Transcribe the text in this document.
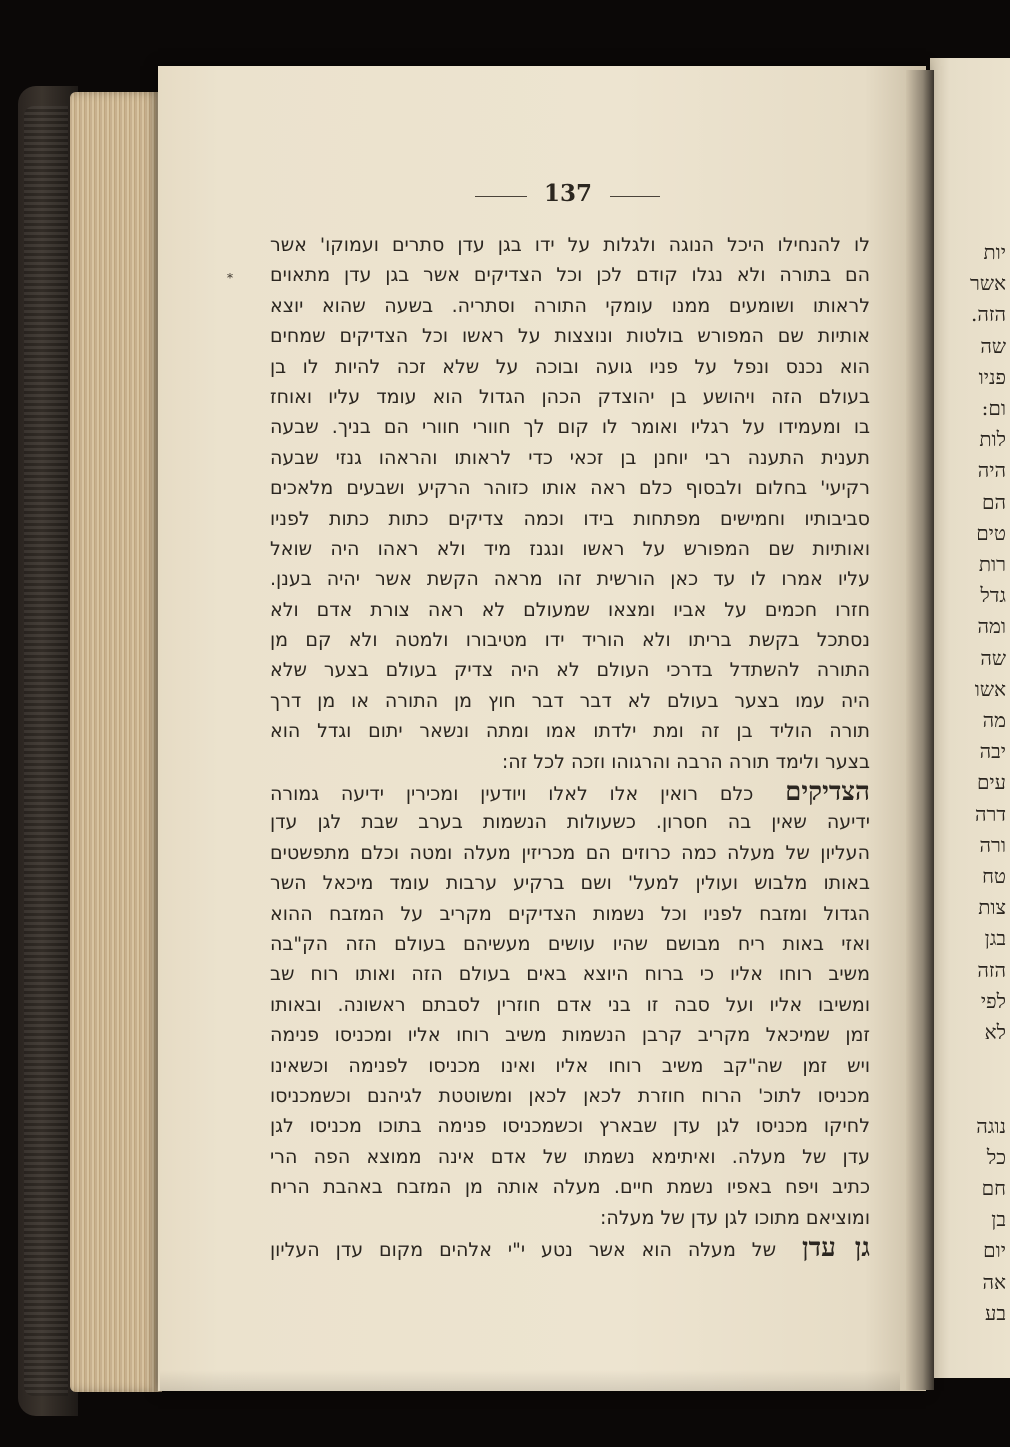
יות
אשר
הזה.
שה
פניו
ום:
לות
היה
הם
טים
רות
גדל
ומה
שה
אשו
מה
יבה
עים
דרה
ורה
טח
צות
בגן
הזה
לפי
לא
נוגה
כל
חם
בן
יום
אה
בע
137
*
לו להנחילו היכל הנוגה ולגלות על ידו בגן עדן סתרים ועמוקו' אשר
הם בתורה ולא נגלו קודם לכן וכל הצדיקים אשר בגן עדן מתאוים
לראותו ושומעים ממנו עומקי התורה וסתריה. בשעה שהוא יוצא
אותיות שם המפורש בולטות ונוצצות על ראשו וכל הצדיקים שמחים
הוא נכנס ונפל על פניו גועה ובוכה על שלא זכה להיות לו בן
בעולם הזה ויהושע בן יהוצדק הכהן הגדול הוא עומד עליו ואוחז
בו ומעמידו על רגליו ואומר לו קום לך חוורי חוורי הם בניך. שבעה
תענית התענה רבי יוחנן בן זכאי כדי לראותו והראהו גנזי שבעה
רקיעי' בחלום ולבסוף כלם ראה אותו כזוהר הרקיע ושבעים מלאכים
סביבותיו וחמישים מפתחות בידו וכמה צדיקים כתות כתות לפניו
ואותיות שם המפורש על ראשו ונגנז מיד ולא ראהו היה שואל
עליו אמרו לו עד כאן הורשית זהו מראה הקשת אשר יהיה בענן.
חזרו חכמים על אביו ומצאו שמעולם לא ראה צורת אדם ולא
נסתכל בקשת בריתו ולא הוריד ידו מטיבורו ולמטה ולא קם מן
התורה להשתדל בדרכי העולם לא היה צדיק בעולם בצער שלא
היה עמו בצער בעולם לא דבר דבר חוץ מן התורה או מן דרך
תורה הוליד בן זה ומת ילדתו אמו ומתה ונשאר יתום וגדל הוא
בצער ולימד תורה הרבה והרגוהו וזכה לכל זה:
הצדיקים כלם רואין אלו לאלו ויודעין ומכירין ידיעה גמורה
ידיעה שאין בה חסרון. כשעולות הנשמות בערב שבת לגן עדן
העליון של מעלה כמה כרוזים הם מכריזין מעלה ומטה וכלם מתפשטים
באותו מלבוש ועולין למעל' ושם ברקיע ערבות עומד מיכאל השר
הגדול ומזבח לפניו וכל נשמות הצדיקים מקריב על המזבח ההוא
ואזי באות ריח מבושם שהיו עושים מעשיהם בעולם הזה הק"בה
משיב רוחו אליו כי ברוח היוצא באים בעולם הזה ואותו רוח שב
ומשיבו אליו ועל סבה זו בני אדם חוזרין לסבתם ראשונה. ובאותו
זמן שמיכאל מקריב קרבן הנשמות משיב רוחו אליו ומכניסו פנימה
ויש זמן שה"קב משיב רוחו אליו ואינו מכניסו לפנימה וכשאינו
מכניסו לתוכ' הרוח חוזרת לכאן לכאן ומשוטטת לגיהנם וכשמכניסו
לחיקו מכניסו לגן עדן שבארץ וכשמכניסו פנימה בתוכו מכניסו לגן
עדן של מעלה. ואיתימא נשמתו של אדם אינה ממוצא הפה הרי
כתיב ויפח באפיו נשמת חיים. מעלה אותה מן המזבח באהבת הריח
ומוציאם מתוכו לגן עדן של מעלה:
גן עדן של מעלה הוא אשר נטע י"י אלהים מקום עדן העליון
